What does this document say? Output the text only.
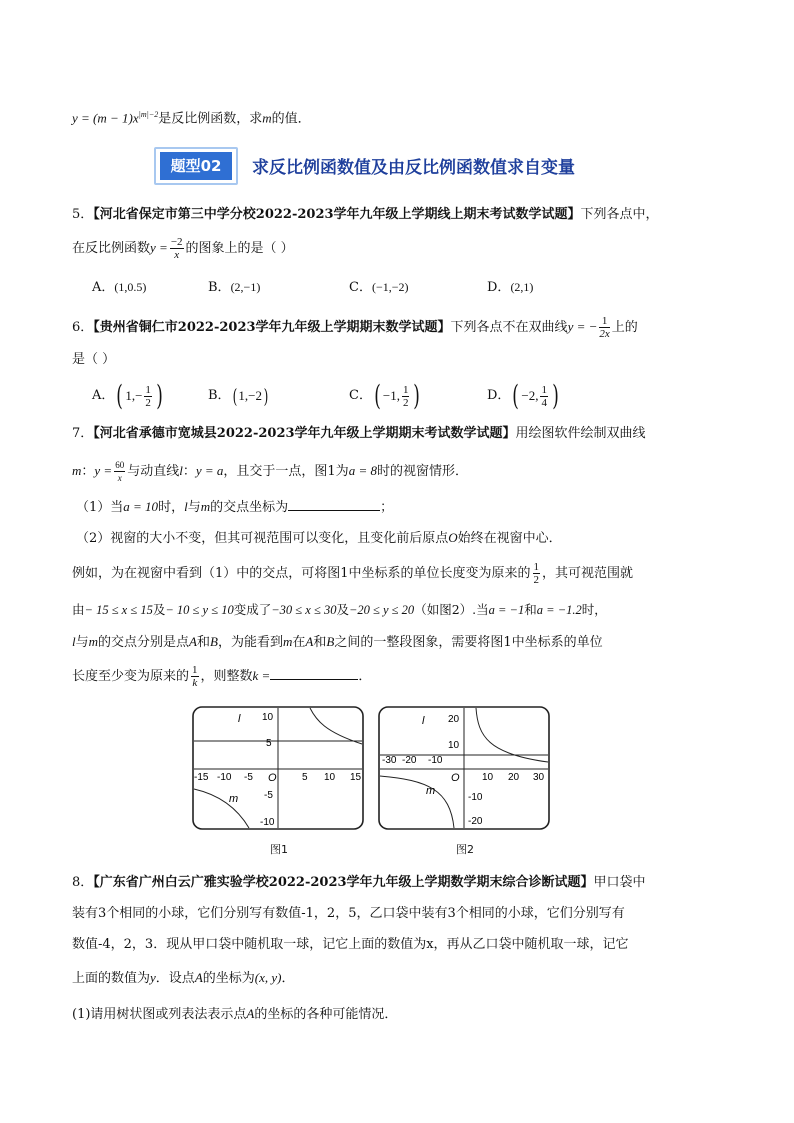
$y = (m - 1)x^{|m|-2}$是反比例函数，求m的值．
题型02	求反比例函数值及由反比例函数值求自变量
5．【河北省保定市第三中学分校2022-2023学年九年级上学期线上期末考试数学试题】下列各点中，
在反比例函数$y = \frac{-2}{x}$ 的图象上的是（ ）
A．(1,0.5)	B．(2,−1)	C．(−1,−2)	D．(2,1)
6．【贵州省铜仁市2022-2023学年九年级上学期期末数学试题】下列各点不在双曲线y = − $\frac{1}{2x}$ 上的
是（ ）
A．( $1,- \frac{1}{2}$ )	B．( 1,−2)	C．( −1, $\frac{1}{2}$ )	D．( −2, $\frac{1}{4}$ )
7．【河北省承德市宽城县2022-2023学年九年级上学期期末考试数学试题】用绘图软件绘制双曲线
m：$y = \frac{60}{x}$ 与动直线l：y = a，且交于一点，图1为a = 8时的视窗情形．
（1）当a = 10时，l与m的交点坐标为	；
（2）视窗的大小不变，但其可视范围可以变化，且变化前后原点O始终在视窗中心．
例如，为在视窗中看到（1）中的交点，可将图1中坐标系的单位长度变为原来的 $\frac{1}{2}$ ，其可视范围就
由− 15 ≤ x ≤ 15及− 10 ≤ y ≤ 10变成了−30 ≤ x ≤ 30及−20 ≤ y ≤ 20（如图2）.当a = −1和a = −1.2时，
l与m的交点分别是点A和B，为能看到m在A和B之间的一整段图象，需要将图1中坐标系的单位
长度至少变为原来的 $\frac{1}{k}$ ，则整数k =	．
l
m
O
-15 -10 -5	5 10 15
10
5
-5
-10
图1
l
m
O
-30 -20 -10
10 20 30
20
10
-10
-20
图2
8．【广东省广州白云广雅实验学校2022-2023学年九年级上学期数学期末综合诊断试题】甲口袋中
装有3个相同的小球，它们分别写有数值-1，2，5，乙口袋中装有3个相同的小球，它们分别写有
数值-4，2，3．现从甲口袋中随机取一球，记它上面的数值为x，再从乙口袋中随机取一球，记它
上面的数值为y．设点A的坐标为(x, y)．
(1)请用树状图或列表法表示点A的坐标的各种可能情况．
